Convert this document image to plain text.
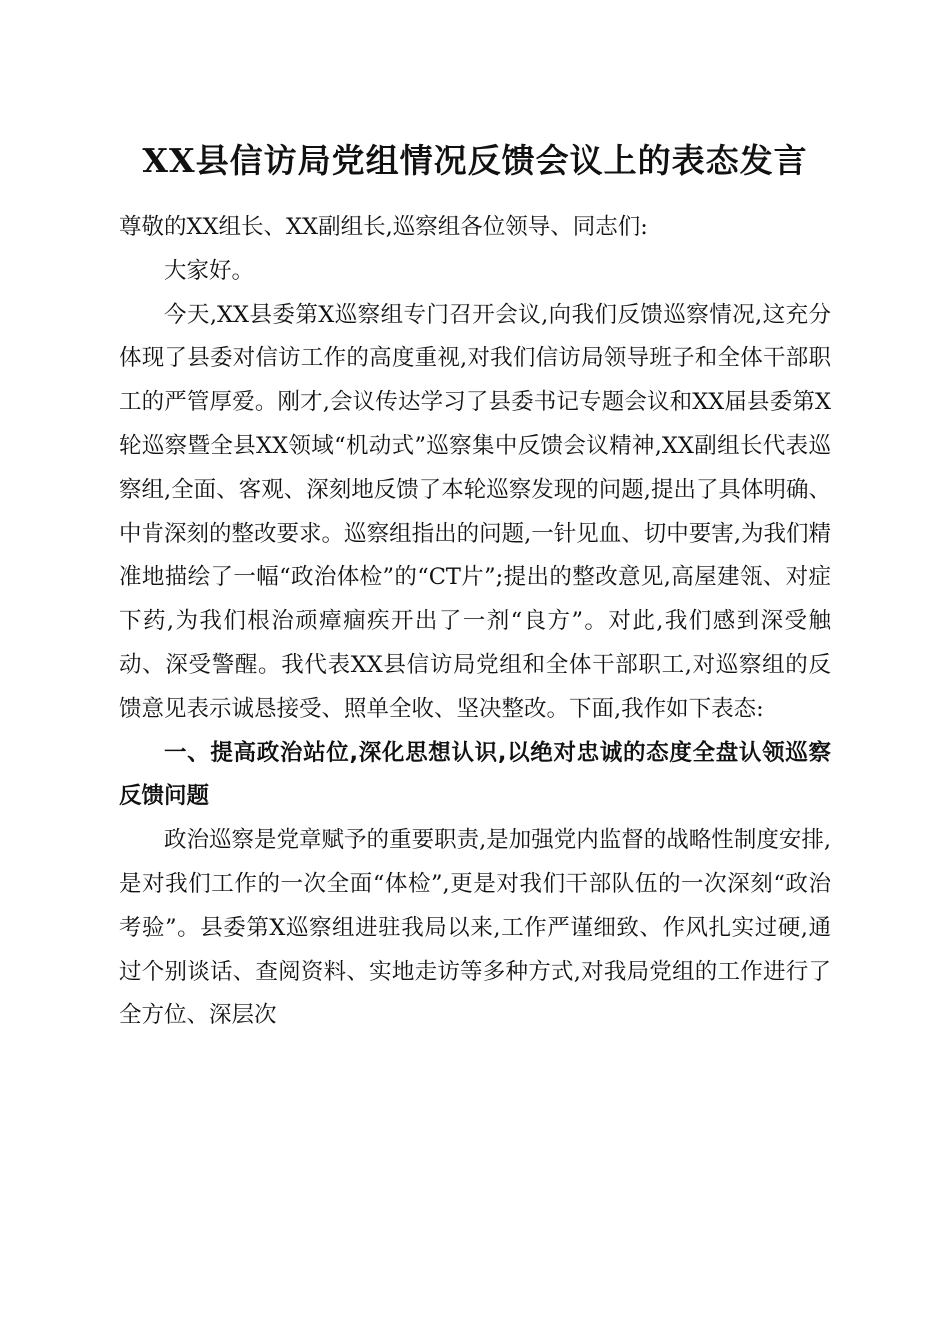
XX县信访局党组情况反馈会议上的表态发言

尊敬的XX组长、XX副组长,巡察组各位领导、同志们:

大家好。

今天,XX县委第X巡察组专门召开会议,向我们反馈巡察情况,这充分体现了县委对信访工作的高度重视,对我们信访局领导班子和全体干部职工的严管厚爱。刚才,会议传达学习了县委书记专题会议和XX届县委第X轮巡察暨全县XX领域“机动式”巡察集中反馈会议精神,XX副组长代表巡察组,全面、客观、深刻地反馈了本轮巡察发现的问题,提出了具体明确、中肯深刻的整改要求。巡察组指出的问题,一针见血、切中要害,为我们精准地描绘了一幅“政治体检”的“CT片”;提出的整改意见,高屋建瓴、对症下药,为我们根治顽瘴痼疾开出了一剂“良方”。对此,我们感到深受触动、深受警醒。我代表XX县信访局党组和全体干部职工,对巡察组的反馈意见表示诚恳接受、照单全收、坚决整改。下面,我作如下表态:

一、提高政治站位,深化思想认识,以绝对忠诚的态度全盘认领巡察反馈问题

政治巡察是党章赋予的重要职责,是加强党内监督的战略性制度安排,是对我们工作的一次全面“体检”,更是对我们干部队伍的一次深刻“政治考验”。县委第X巡察组进驻我局以来,工作严谨细致、作风扎实过硬,通过个别谈话、查阅资料、实地走访等多种方式,对我局党组的工作进行了全方位、深层次
